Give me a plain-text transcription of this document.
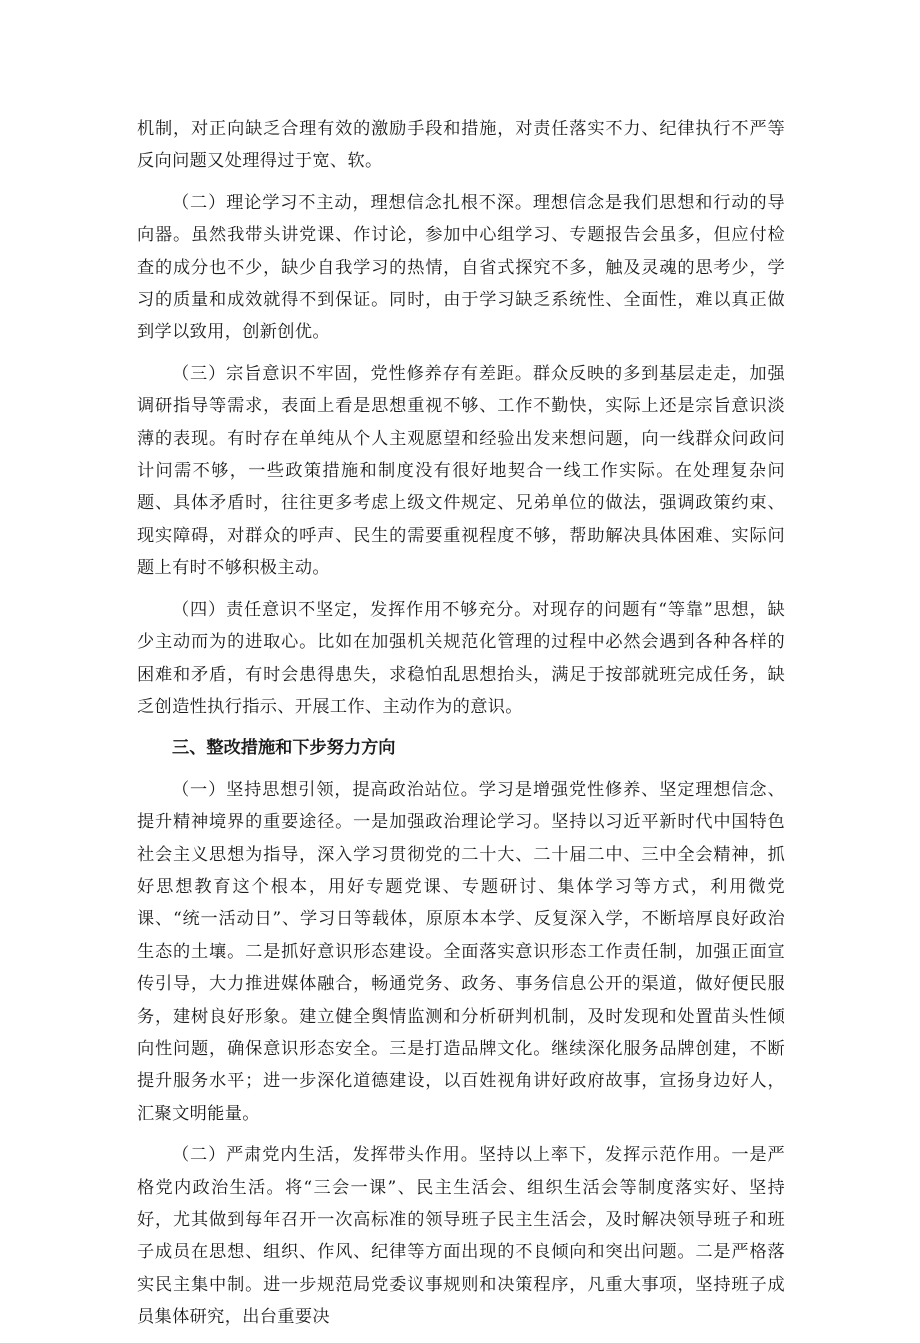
机制，对正向缺乏合理有效的激励手段和措施，对责任落实不力、纪律执行不严等反向问题又处理得过于宽、软。

（二）理论学习不主动，理想信念扎根不深。理想信念是我们思想和行动的导向器。虽然我带头讲党课、作讨论，参加中心组学习、专题报告会虽多，但应付检查的成分也不少，缺少自我学习的热情，自省式探究不多，触及灵魂的思考少，学习的质量和成效就得不到保证。同时，由于学习缺乏系统性、全面性，难以真正做到学以致用，创新创优。

（三）宗旨意识不牢固，党性修养存有差距。群众反映的多到基层走走，加强调研指导等需求，表面上看是思想重视不够、工作不勤快，实际上还是宗旨意识淡薄的表现。有时存在单纯从个人主观愿望和经验出发来想问题，向一线群众问政问计问需不够，一些政策措施和制度没有很好地契合一线工作实际。在处理复杂问题、具体矛盾时，往往更多考虑上级文件规定、兄弟单位的做法，强调政策约束、现实障碍，对群众的呼声、民生的需要重视程度不够，帮助解决具体困难、实际问题上有时不够积极主动。

（四）责任意识不坚定，发挥作用不够充分。对现存的问题有“等靠”思想，缺少主动而为的进取心。比如在加强机关规范化管理的过程中必然会遇到各种各样的困难和矛盾，有时会患得患失，求稳怕乱思想抬头，满足于按部就班完成任务，缺乏创造性执行指示、开展工作、主动作为的意识。

三、整改措施和下步努力方向

（一）坚持思想引领，提高政治站位。学习是增强党性修养、坚定理想信念、提升精神境界的重要途径。一是加强政治理论学习。坚持以习近平新时代中国特色社会主义思想为指导，深入学习贯彻党的二十大、二十届二中、三中全会精神，抓好思想教育这个根本，用好专题党课、专题研讨、集体学习等方式，利用微党课、“统一活动日”、学习日等载体，原原本本学、反复深入学，不断培厚良好政治生态的土壤。二是抓好意识形态建设。全面落实意识形态工作责任制，加强正面宣传引导，大力推进媒体融合，畅通党务、政务、事务信息公开的渠道，做好便民服务，建树良好形象。建立健全舆情监测和分析研判机制，及时发现和处置苗头性倾向性问题，确保意识形态安全。三是打造品牌文化。继续深化服务品牌创建，不断提升服务水平；进一步深化道德建设，以百姓视角讲好政府故事，宣扬身边好人，汇聚文明能量。

（二）严肃党内生活，发挥带头作用。坚持以上率下，发挥示范作用。一是严格党内政治生活。将“三会一课”、民主生活会、组织生活会等制度落实好、坚持好，尤其做到每年召开一次高标准的领导班子民主生活会，及时解决领导班子和班子成员在思想、组织、作风、纪律等方面出现的不良倾向和突出问题。二是严格落实民主集中制。进一步规范局党委议事规则和决策程序，凡重大事项，坚持班子成员集体研究，出台重要决
